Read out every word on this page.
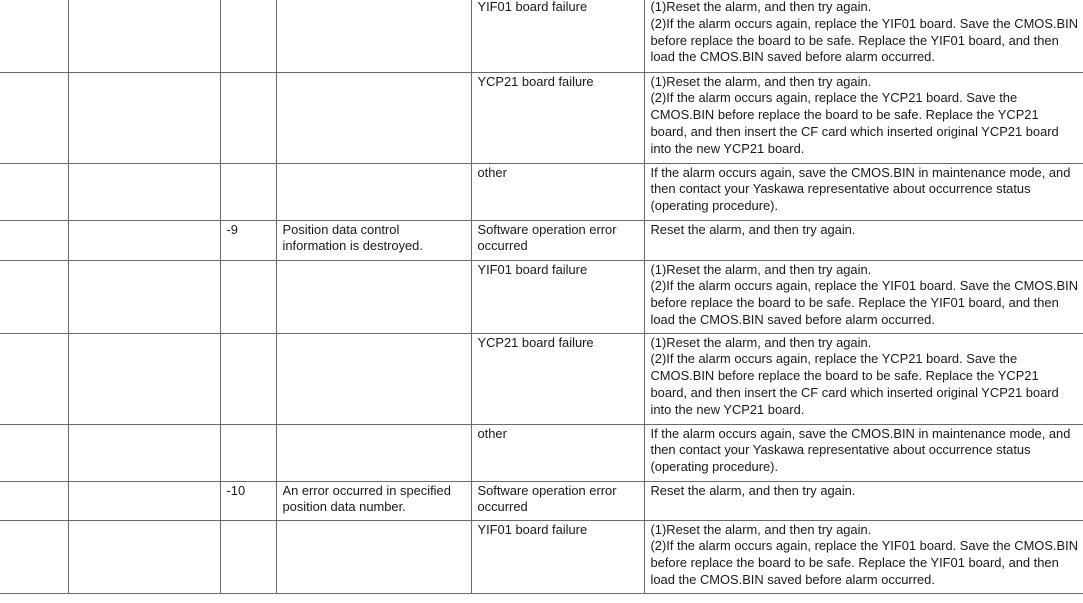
				YIF01 board failure	(1)Reset the alarm, and then try again.
(2)If the alarm occurs again, replace the YIF01 board. Save the CMOS.BIN before replace the board to be safe. Replace the YIF01 board, and then load the CMOS.BIN saved before alarm occurred.
				YCP21 board failure	(1)Reset the alarm, and then try again.
(2)If the alarm occurs again, replace the YCP21 board. Save the CMOS.BIN before replace the board to be safe. Replace the YCP21 board, and then insert the CF card which inserted original YCP21 board into the new YCP21 board.
				other	If the alarm occurs again, save the CMOS.BIN in maintenance mode, and then contact your Yaskawa representative about occurrence status (operating procedure).
		-9	Position data control information is destroyed.	Software operation error occurred	Reset the alarm, and then try again.
				YIF01 board failure	(1)Reset the alarm, and then try again.
(2)If the alarm occurs again, replace the YIF01 board. Save the CMOS.BIN before replace the board to be safe. Replace the YIF01 board, and then load the CMOS.BIN saved before alarm occurred.
				YCP21 board failure	(1)Reset the alarm, and then try again.
(2)If the alarm occurs again, replace the YCP21 board. Save the CMOS.BIN before replace the board to be safe. Replace the YCP21 board, and then insert the CF card which inserted original YCP21 board into the new YCP21 board.
				other	If the alarm occurs again, save the CMOS.BIN in maintenance mode, and then contact your Yaskawa representative about occurrence status (operating procedure).
		-10	An error occurred in specified position data number.	Software operation error occurred	Reset the alarm, and then try again.
				YIF01 board failure	(1)Reset the alarm, and then try again.
(2)If the alarm occurs again, replace the YIF01 board. Save the CMOS.BIN before replace the board to be safe. Replace the YIF01 board, and then load the CMOS.BIN saved before alarm occurred.
